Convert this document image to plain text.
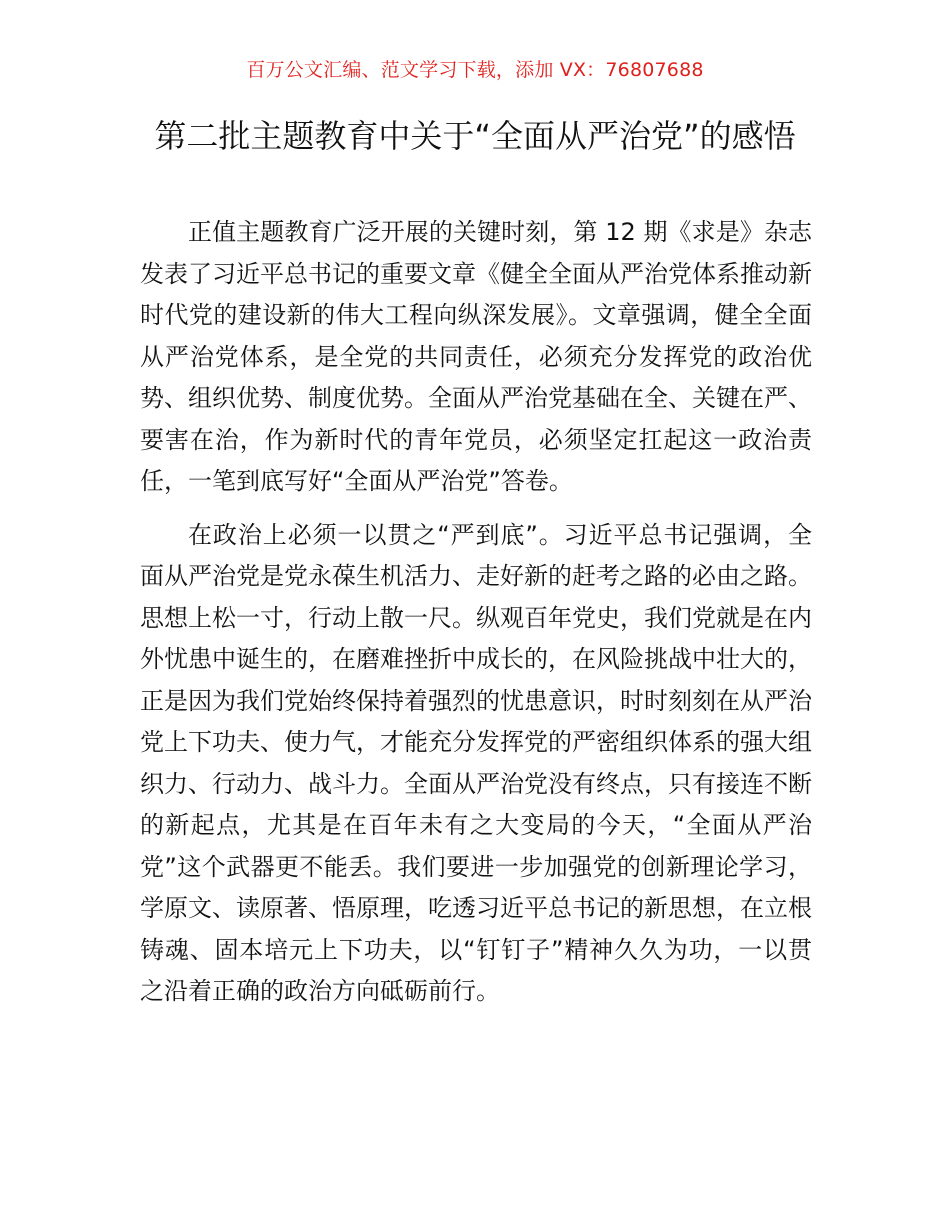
百万公文汇编、范文学习下载，添加 VX：76807688
第二批主题教育中关于“全面从严治党”的感悟

正值主题教育广泛开展的关键时刻，第 12 期《求是》杂志发表了习近平总书记的重要文章《健全全面从严治党体系推动新时代党的建设新的伟大工程向纵深发展》。文章强调，健全全面从严治党体系，是全党的共同责任，必须充分发挥党的政治优势、组织优势、制度优势。全面从严治党基础在全、关键在严、要害在治，作为新时代的青年党员，必须坚定扛起这一政治责任，一笔到底写好“全面从严治党”答卷。

在政治上必须一以贯之“严到底”。习近平总书记强调，全面从严治党是党永葆生机活力、走好新的赶考之路的必由之路。思想上松一寸，行动上散一尺。纵观百年党史，我们党就是在内外忧患中诞生的，在磨难挫折中成长的，在风险挑战中壮大的，正是因为我们党始终保持着强烈的忧患意识，时时刻刻在从严治党上下功夫、使力气，才能充分发挥党的严密组织体系的强大组织力、行动力、战斗力。全面从严治党没有终点，只有接连不断的新起点，尤其是在百年未有之大变局的今天，“全面从严治党”这个武器更不能丢。我们要进一步加强党的创新理论学习，学原文、读原著、悟原理，吃透习近平总书记的新思想，在立根铸魂、固本培元上下功夫，以“钉钉子”精神久久为功，一以贯之沿着正确的政治方向砥砺前行。
